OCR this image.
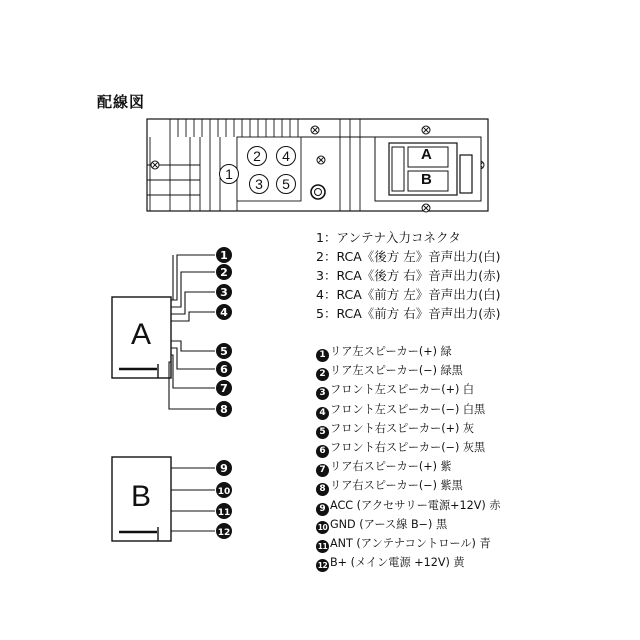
配線図
1
2
3
4
5
6
7
8
9
10
11
12
1
2	4
3	5
A
B
A
B
1：アンテナ入力コネクタ
2：RCA《後方 左》音声出力(白)
3：RCA《後方 右》音声出力(赤)
4：RCA《前方 左》音声出力(白)
5：RCA《前方 右》音声出力(赤)
1 リア左スピーカー(+) 緑
2 リア左スピーカー(−) 緑黒
3 フロント左スピーカー(+) 白
4 フロント左スピーカー(−) 白黒
5 フロント右スピーカー(+) 灰
6 フロント右スピーカー(−) 灰黒
7 リア右スピーカー(+) 紫
8 リア右スピーカー(−) 紫黒
9 ACC (アクセサリー電源+12V) 赤
10 GND (アース線 B−) 黒
11 ANT (アンテナコントロール) 青
12 B+ (メイン電源 +12V) 黄
